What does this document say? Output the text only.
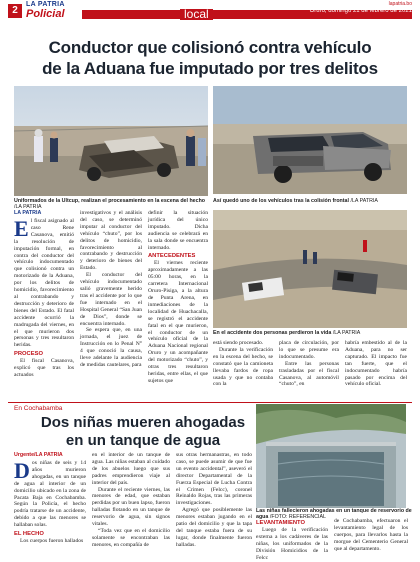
2
LA PATRIA
Policial	local
lapatria.bo
Oruro, domingo 21 de febrero de 2021
Conductor que colisionó contra vehículo
de la Aduana fue imputado por tres delitos
Uniformados de la Ultcup, realizan el procesamiento en la escena del hecho /LA PATRIA
Así quedó uno de los vehículos tras la colisión frontal /LA PATRIA
LA PATRIA

El fiscal asignado al caso Rene Casanova, emitió la resolución de imputación formal, en contra del conductor del vehículo indocumentado que colisionó contra un motorizado de la Aduana, por los delitos de homicidio, favorecimiento al contrabando y destrucción y deterioro de bienes del Estado. El fatal accidente ocurrió la madrugada del viernes, en el que murieron dos personas y tres resultaron heridas.

PROCESO

El fiscal Casanova, explicó que tras los actuados

investigativos y el análisis del caso, se determinó imputar al conductor del vehículo “chuto”, por los delitos de homicidio, favorecimiento al contrabando y destrucción y deterioro de bienes del Estado.

El conductor del vehículo indocumentado salió gravemente herido tras el accidente por lo que fue internado en el Hospital General “San Juan de Dios”, donde se encuentra internado.

Se espera que, en una jornada, el juez de Instrucción en lo Penal N° 4 que conoció la causa, lleve adelante la audiencia de medidas cautelares, para

definir la situación jurídica del único imputado. Dicha audiencia se celebrará en la sala donde se encuentra internado.

ANTECEDENTES

El viernes reciente aproximadamente a las 05:00 horas, en la carretera Internacional Oruro-Pisiga, a la altura de Punta Arena, en inmediaciones de la localidad de Huachacalla, se registró el accidente fatal en el que murieron, el conductor de un vehículo oficial de la Aduana Nacional regional Oruro y un acompañante del motorizado “chuto”, y otras tres resultaron heridas, entre ellas, el que sujetos que

En el accidente dos personas perdieron la vida /LA PATRIA

está siendo procesado.

Durante la verificación en la escena del hecho, se constató que la camioneta llevaba fardos de ropa usada y que no contaba con la

placa de circulación, por lo que se presume era indocumentado.

Entre las personas trasladadas por el fiscal Casanova, al automóvil “chuto”, en

habría embestido al de la Aduana, para no ser capturado. El impacto fue tan fuerte, que el indocumentado habría pasado por encima del vehículo oficial.

En Cochabamba
Dos niñas mueren ahogadas
en un tanque de agua
Las niñas fallecieron ahogadas en un tanque de reservorio de agua /FOTO: REFERENCIAL
Urgente/LA PATRIA

Dos niñas de seis y 14 años murieron ahogadas, en un tanque de agua al interior de un domicilio ubicado en la zona de Pacata Baja en Cochabamba. Según la Policía, el hecho podría tratarse de un accidente, debido a que las menores se hallaban solas.

EL HECHO

Los cuerpos fueron hallados

en el interior de un tanque de agua. Las niñas estaban al cuidado de los abuelos luego que sus padres emprendieron viaje al interior del país.

Durante el reciente viernes, las menores de edad, que estaban perdidas por un buen lapso, fueron halladas flotando en un tanque de reservorio de agua, sin signos vitales.

“Toda vez que en el domicilio solamente se encontraban las menores, en compañía de

sus otras hermanastras, en todo caso, se puede asumir de que fue un evento accidental”, aseveró el director Departamental de la Fuerza Especial de Lucha Contra el Crimen (Felcc), coronel Reinaldo Rojas, tras las primeras investigaciones.

Agregó que posiblemente las menores estaban jugando en el patio del domicilio y que la tapa del tanque estaba fuera de su lugar, donde finalmente fueron halladas.

LEVANTAMIENTO

Luego de la verificación externa a los cadáveres de las niñas, los uniformados de la División Homicidios de la Felcc

de Cochabamba, efectuaron el levantamiento legal de los cuerpos, para llevarlos hasta la morgue del Cementerio General que al departamento.
